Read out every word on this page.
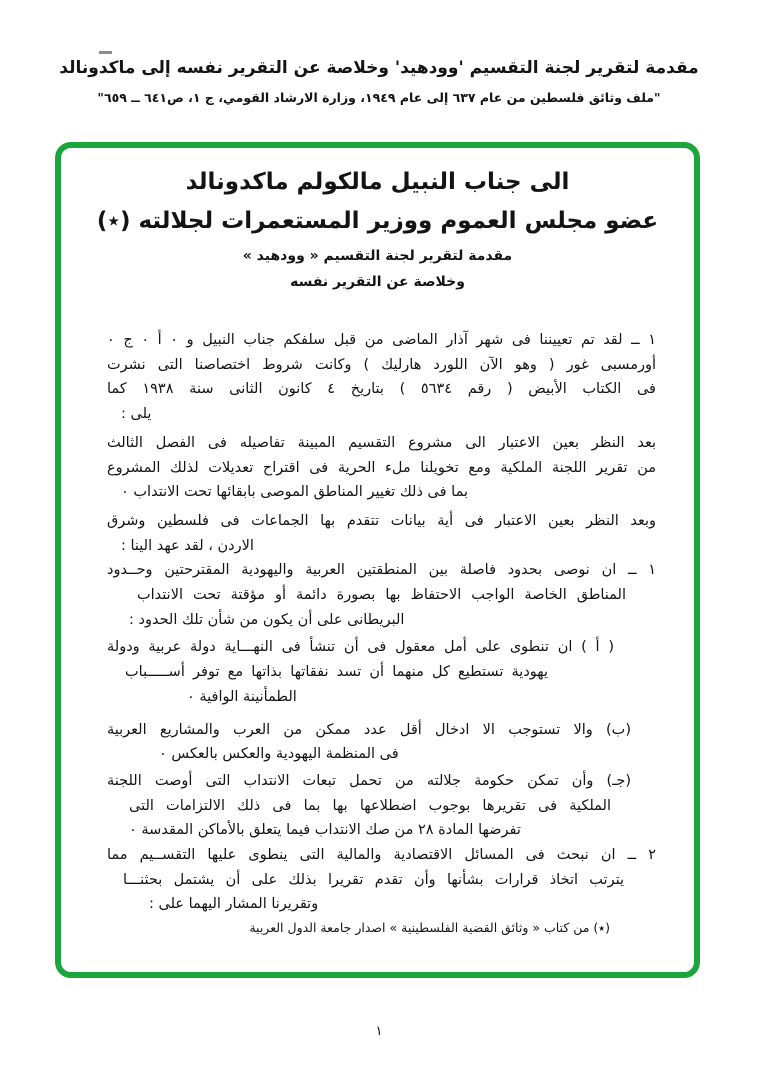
مقدمة لتقرير لجنة التقسيم 'وودهيد' وخلاصة عن التقرير نفسه إلى ماكدونالد
"ملف وثائق فلسطين من عام ٦٣٧ إلى عام ١٩٤٩، وزارة الارشاد القومي، ج ١، ص٦٤١ ــ ٦٥٩"
الى جناب النبيل مالكولم ماكدونالد
عضو مجلس العموم ووزير المستعمرات لجلالته (٭)
مقدمة لتقرير لجنة التقسيم « وودهيد »
وخلاصة عن التقرير نفسه
١ ــ لقد تم تعييننا فى شهر آذار الماضى من قبل سلفكم جناب النبيل و ٠ أ ٠ ج ٠
أورمسبى غور ( وهو الآن اللورد هارليك ) وكانت شروط اختصاصنا التى نشرت
فى الكتاب الأبيض ( رقم ٥٦٣٤ ) بتاريخ ٤ كانون الثانى سنة ١٩٣٨ كما
يلى :
بعد النظر بعين الاعتبار الى مشروع التقسيم المبينة تفاصيله فى الفصل الثالث
من تقرير اللجنة الملكية ومع تخويلنا ملء الحرية فى اقتراح تعديلات لذلك المشروع
بما فى ذلك تغيير المناطق الموصى بابقائها تحت الانتداب ٠
وبعد النظر بعين الاعتبار فى أية بيانات تتقدم بها الجماعات فى فلسطين وشرق
الاردن ، لقد عهد الينا :
١ ــ ان نوصى بحدود فاصلة بين المنطقتين العربية واليهودية المقترحتين وحــدود
المناطق الخاصة الواجب الاحتفاظ بها بصورة دائمة أو مؤقتة تحت الانتداب
البريطانى على أن يكون من شأن تلك الحدود :
( أ ) ان تنطوى على أمل معقول فى أن تنشأ فى النهـــاية دولة عربية ودولة
يهودية تستطيع كل منهما أن تسد نفقاتها بذاتها مع توفر أســـــباب
الطمأنينة الوافية ٠
(ب) والا تستوجب الا ادخال أقل عدد ممكن من العرب والمشاريع العربية
فى المنظمة اليهودية والعكس بالعكس ٠
(جـ) وأن تمكن حكومة جلالته من تحمل تبعات الانتداب التى أوصت اللجنة
الملكية فى تقريرها بوجوب اضطلاعها بها بما فى ذلك الالتزامات التى
تفرضها المادة ٢٨ من صك الانتداب فيما يتعلق بالأماكن المقدسة ٠
٢ ــ ان نبحث فى المسائل الاقتصادية والمالية التى ينطوى عليها التقســيم مما
يترتب اتخاذ قرارات بشأنها وأن تقدم تقريرا بذلك على أن يشتمل بحثنـــا
وتقريرنا المشار اليهما على :
(٭) من كتاب « وثائق القضية الفلسطينية » اصدار جامعة الدول العربية
١
